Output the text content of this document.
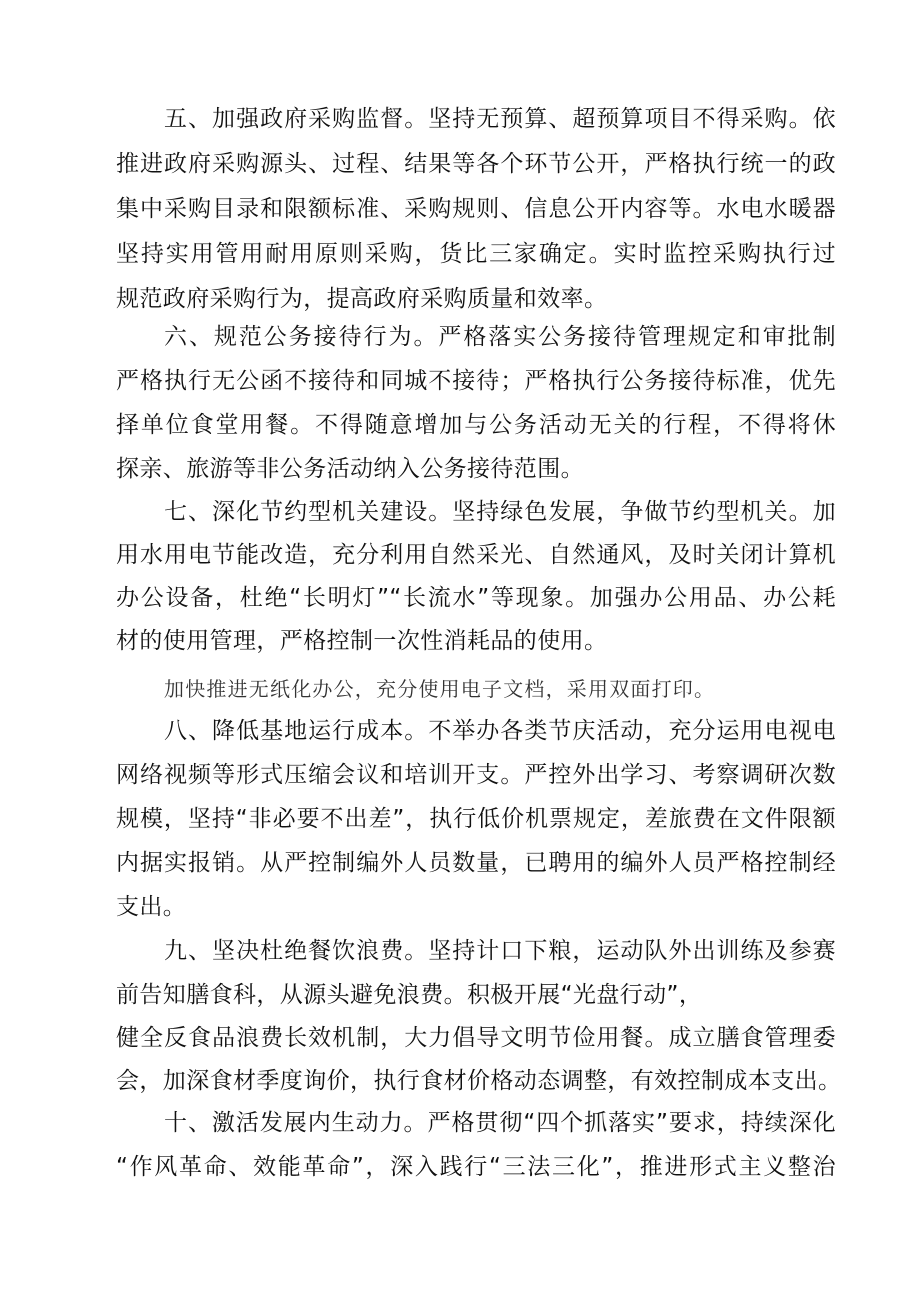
五、加强政府采购监督。坚持无预算、超预算项目不得采购。依
推进政府采购源头、过程、结果等各个环节公开，严格执行统一的政
集中采购目录和限额标准、采购规则、信息公开内容等。水电水暖器
坚持实用管用耐用原则采购，货比三家确定。实时监控采购执行过
规范政府采购行为，提高政府采购质量和效率。
六、规范公务接待行为。严格落实公务接待管理规定和审批制
严格执行无公函不接待和同城不接待；严格执行公务接待标准，优先
择单位食堂用餐。不得随意增加与公务活动无关的行程，不得将休
探亲、旅游等非公务活动纳入公务接待范围。
七、深化节约型机关建设。坚持绿色发展，争做节约型机关。加
用水用电节能改造，充分利用自然采光、自然通风，及时关闭计算机
办公设备，杜绝“长明灯”“长流水”等现象。加强办公用品、办公耗
材的使用管理，严格控制一次性消耗品的使用。
加快推进无纸化办公，充分使用电子文档，采用双面打印。
八、降低基地运行成本。不举办各类节庆活动，充分运用电视电
网络视频等形式压缩会议和培训开支。严控外出学习、考察调研次数
规模，坚持“非必要不出差”，执行低价机票规定，差旅费在文件限额
内据实报销。从严控制编外人员数量，已聘用的编外人员严格控制经
支出。
九、坚决杜绝餐饮浪费。坚持计口下粮，运动队外出训练及参赛
前告知膳食科，从源头避免浪费。积极开展“光盘行动”，
健全反食品浪费长效机制，大力倡导文明节俭用餐。成立膳食管理委
会，加深食材季度询价，执行食材价格动态调整，有效控制成本支出。
十、激活发展内生动力。严格贯彻“四个抓落实”要求，持续深化
“作风革命、效能革命”，深入践行“三法三化”，推进形式主义整治
